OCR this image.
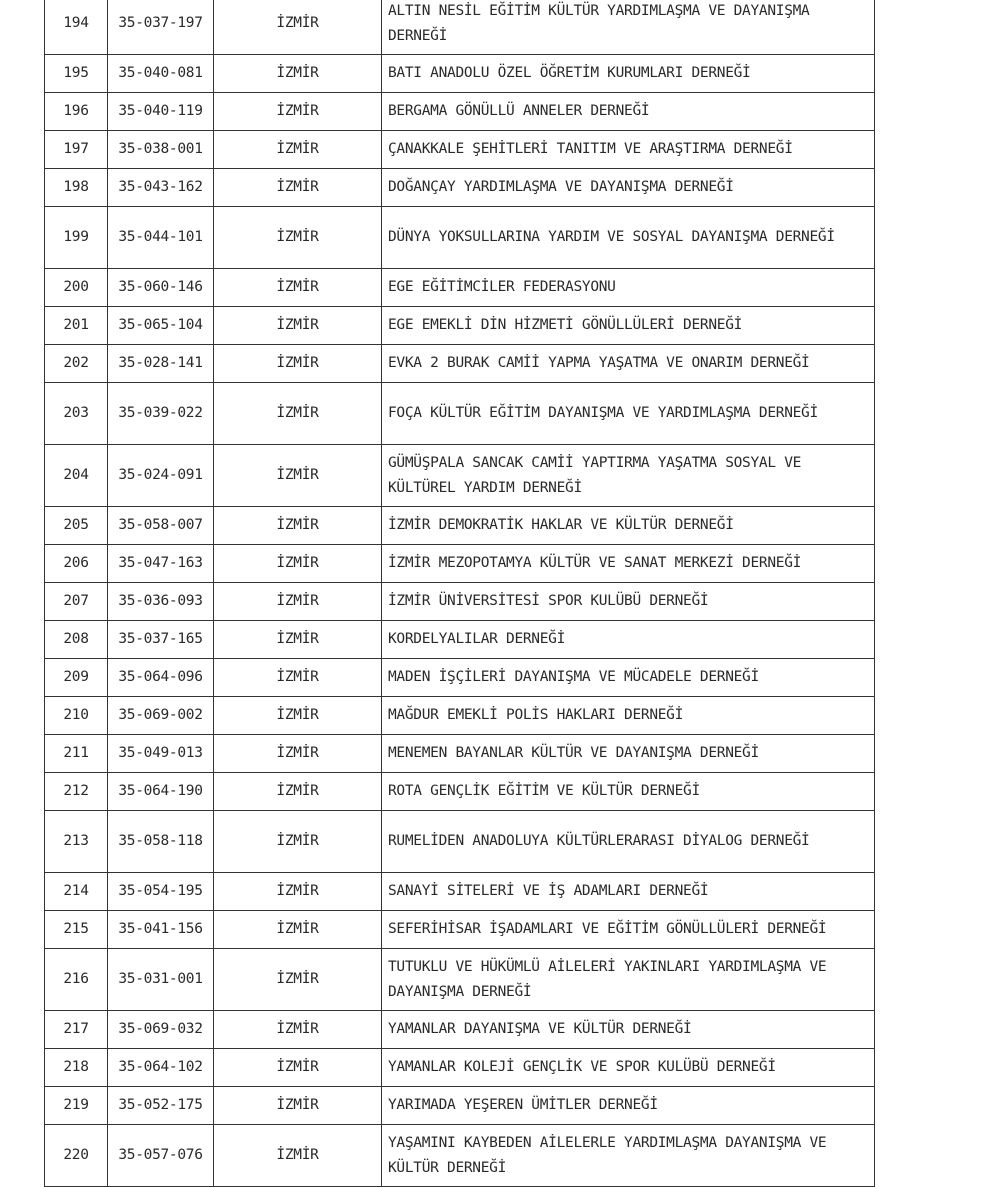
194	35-037-197	İZMİR	ALTIN NESİL EĞİTİM KÜLTÜR YARDIMLAŞMA VE DAYANIŞMA DERNEĞİ
195	35-040-081	İZMİR	BATI ANADOLU ÖZEL ÖĞRETİM KURUMLARI DERNEĞİ
196	35-040-119	İZMİR	BERGAMA GÖNÜLLÜ ANNELER DERNEĞİ
197	35-038-001	İZMİR	ÇANAKKALE ŞEHİTLERİ TANITIM VE ARAŞTIRMA DERNEĞİ
198	35-043-162	İZMİR	DOĞANÇAY YARDIMLAŞMA VE DAYANIŞMA DERNEĞİ
199	35-044-101	İZMİR	DÜNYA YOKSULLARINA YARDIM VE SOSYAL DAYANIŞMA DERNEĞİ
200	35-060-146	İZMİR	EGE EĞİTİMCİLER FEDERASYONU
201	35-065-104	İZMİR	EGE EMEKLİ DİN HİZMETİ GÖNÜLLÜLERİ DERNEĞİ
202	35-028-141	İZMİR	EVKA 2 BURAK CAMİİ YAPMA YAŞATMA VE ONARIM DERNEĞİ
203	35-039-022	İZMİR	FOÇA KÜLTÜR EĞİTİM DAYANIŞMA VE YARDIMLAŞMA DERNEĞİ
204	35-024-091	İZMİR	GÜMÜŞPALA SANCAK CAMİİ YAPTIRMA YAŞATMA SOSYAL VE KÜLTÜREL YARDIM DERNEĞİ
205	35-058-007	İZMİR	İZMİR DEMOKRATİK HAKLAR VE KÜLTÜR DERNEĞİ
206	35-047-163	İZMİR	İZMİR MEZOPOTAMYA KÜLTÜR VE SANAT MERKEZİ DERNEĞİ
207	35-036-093	İZMİR	İZMİR ÜNİVERSİTESİ SPOR KULÜBÜ DERNEĞİ
208	35-037-165	İZMİR	KORDELYALILAR DERNEĞİ
209	35-064-096	İZMİR	MADEN İŞÇİLERİ DAYANIŞMA VE MÜCADELE DERNEĞİ
210	35-069-002	İZMİR	MAĞDUR EMEKLİ POLİS HAKLARI DERNEĞİ
211	35-049-013	İZMİR	MENEMEN BAYANLAR KÜLTÜR VE DAYANIŞMA DERNEĞİ
212	35-064-190	İZMİR	ROTA GENÇLİK EĞİTİM VE KÜLTÜR DERNEĞİ
213	35-058-118	İZMİR	RUMELİDEN ANADOLUYA KÜLTÜRLERARASI DİYALOG DERNEĞİ
214	35-054-195	İZMİR	SANAYİ SİTELERİ VE İŞ ADAMLARI DERNEĞİ
215	35-041-156	İZMİR	SEFERİHİSAR İŞADAMLARI VE EĞİTİM GÖNÜLLÜLERİ DERNEĞİ
216	35-031-001	İZMİR	TUTUKLU VE HÜKÜMLÜ AİLELERİ YAKINLARI YARDIMLAŞMA VE DAYANIŞMA DERNEĞİ
217	35-069-032	İZMİR	YAMANLAR DAYANIŞMA VE KÜLTÜR DERNEĞİ
218	35-064-102	İZMİR	YAMANLAR KOLEJİ GENÇLİK VE SPOR KULÜBÜ DERNEĞİ
219	35-052-175	İZMİR	YARIMADA YEŞEREN ÜMİTLER DERNEĞİ
220	35-057-076	İZMİR	YAŞAMINI KAYBEDEN AİLELERLE YARDIMLAŞMA DAYANIŞMA VE KÜLTÜR DERNEĞİ
